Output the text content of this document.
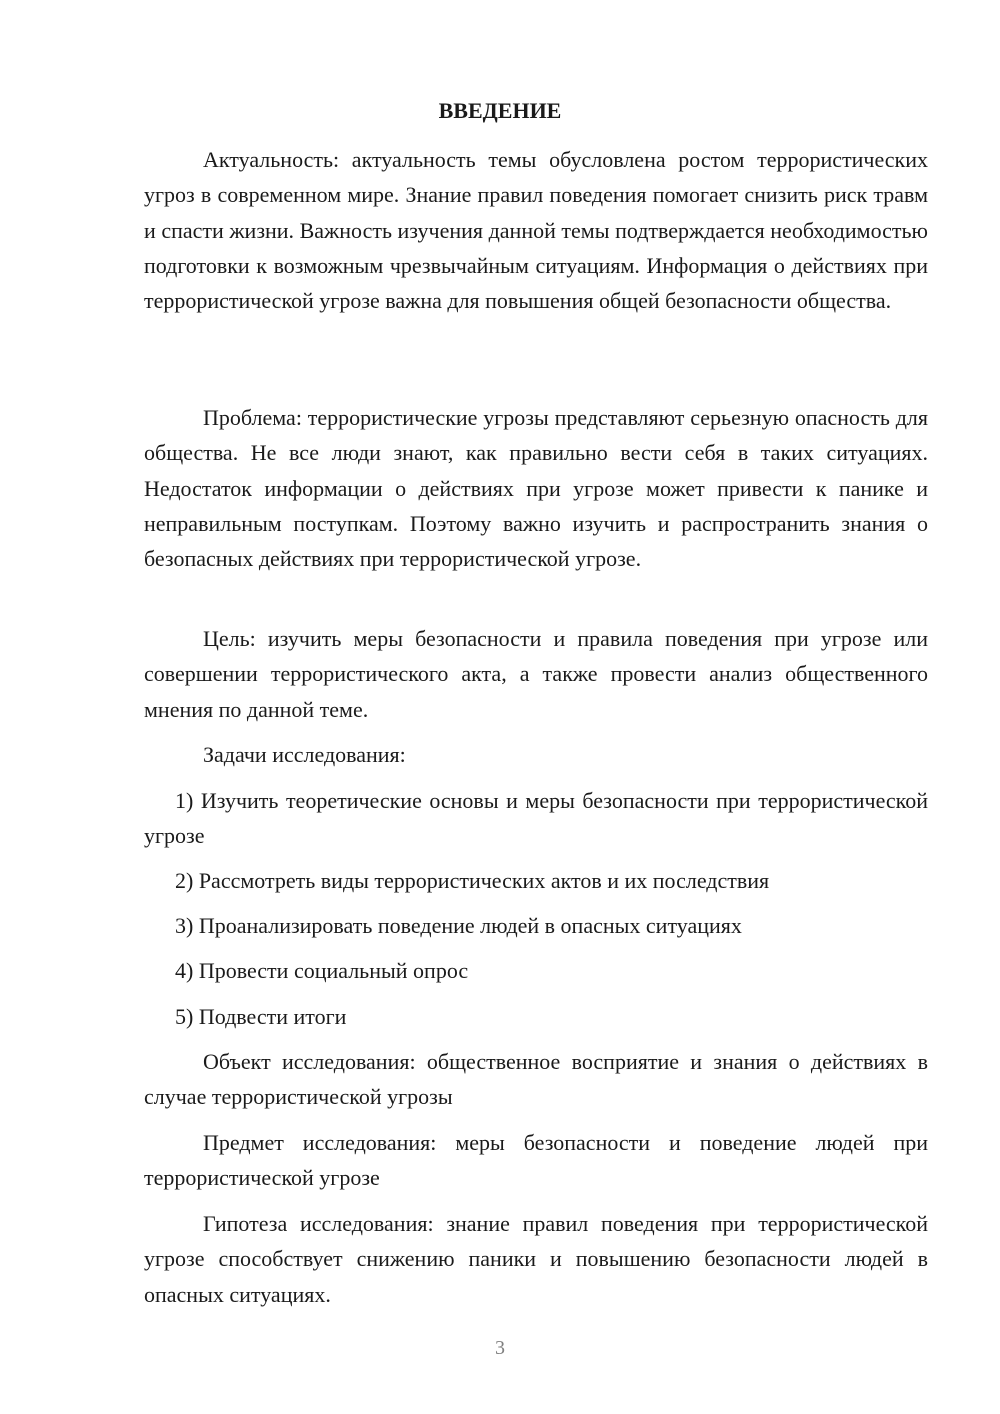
ВВЕДЕНИЕ

Актуальность: актуальность темы обусловлена ростом террористических угроз в современном мире. Знание правил поведения помогает снизить риск травм и спасти жизни. Важность изучения данной темы подтверждается необходимостью подготовки к возможным чрезвычайным ситуациям. Информация о действиях при террористической угрозе важна для повышения общей безопасности общества.

Проблема: террористические угрозы представляют серьезную опасность для общества. Не все люди знают, как правильно вести себя в таких ситуациях. Недостаток информации о действиях при угрозе может привести к панике и неправильным поступкам. Поэтому важно изучить и распространить знания о безопасных действиях при террористической угрозе.

Цель: изучить меры безопасности и правила поведения при угрозе или совершении террористического акта, а также провести анализ общественного мнения по данной теме.

Задачи исследования:

1) Изучить теоретические основы и меры безопасности при террористической угрозе

2) Рассмотреть виды террористических актов и их последствия

3) Проанализировать поведение людей в опасных ситуациях

4) Провести социальный опрос

5) Подвести итоги

Объект исследования: общественное восприятие и знания о действиях в случае террористической угрозы

Предмет исследования: меры безопасности и поведение людей при террористической угрозе

Гипотеза исследования: знание правил поведения при террористической угрозе способствует снижению паники и повышению безопасности людей в опасных ситуациях.

3
